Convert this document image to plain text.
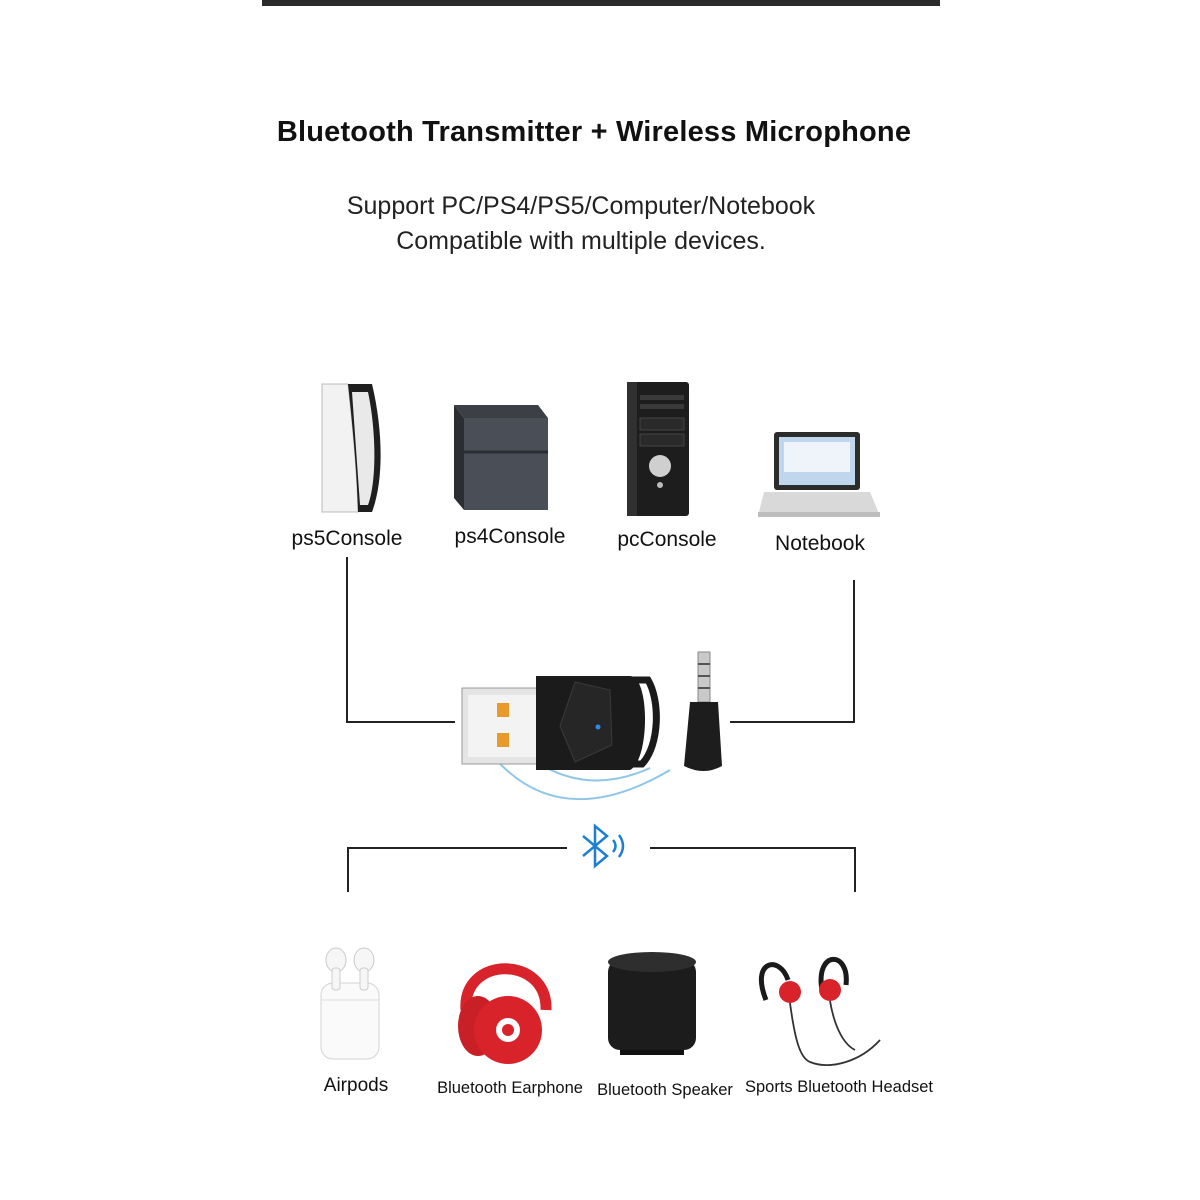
Bluetooth Transmitter + Wireless Microphone
Support PC/PS4/PS5/Computer/Notebook
Compatible with multiple devices.
ps5Console	ps4Console	pcConsole	Notebook
Airpods	Bluetooth Earphone Bluetooth Speaker Sports Bluetooth Headset
